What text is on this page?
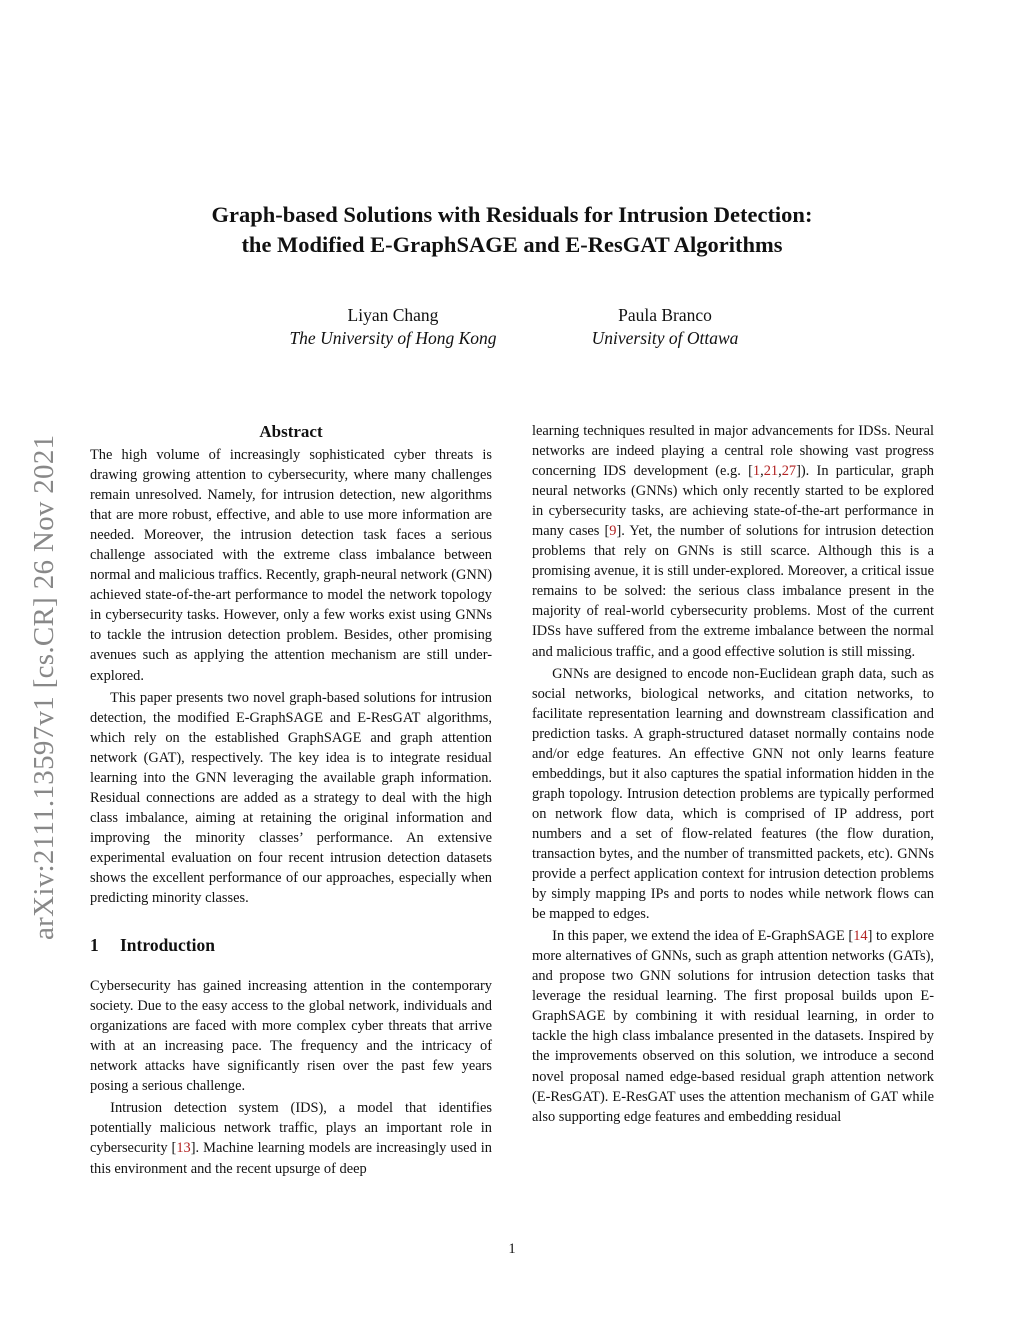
arXiv:2111.13597v1 [cs.CR] 26 Nov 2021
Graph-based Solutions with Residuals for Intrusion Detection:
the Modified E-GraphSAGE and E-ResGAT Algorithms
Liyan Chang
The University of Hong Kong
Paula Branco
University of Ottawa
Abstract

The high volume of increasingly sophisticated cyber threats is drawing growing attention to cybersecurity, where many challenges remain unresolved. Namely, for intrusion detection, new algorithms that are more robust, effective, and able to use more information are needed. Moreover, the intrusion detection task faces a serious challenge associated with the extreme class imbalance between normal and malicious traffics. Recently, graph-neural network (GNN) achieved state-of-the-art performance to model the network topology in cybersecurity tasks. However, only a few works exist using GNNs to tackle the intrusion detection problem. Besides, other promising avenues such as applying the attention mechanism are still under-explored.

This paper presents two novel graph-based solutions for intrusion detection, the modified E-GraphSAGE and E-ResGAT algorithms, which rely on the established GraphSAGE and graph attention network (GAT), respectively. The key idea is to integrate residual learning into the GNN leveraging the available graph information. Residual connections are added as a strategy to deal with the high class imbalance, aiming at retaining the original information and improving the minority classes’ performance. An extensive experimental evaluation on four recent intrusion detection datasets shows the excellent performance of our approaches, especially when predicting minority classes.

1 Introduction

Cybersecurity has gained increasing attention in the contemporary society. Due to the easy access to the global network, individuals and organizations are faced with more complex cyber threats that arrive with at an increasing pace. The frequency and the intricacy of network attacks have significantly risen over the past few years posing a serious challenge.

Intrusion detection system (IDS), a model that identifies potentially malicious network traffic, plays an important role in cybersecurity [13]. Machine learning models are increasingly used in this environment and the recent upsurge of deep

learning techniques resulted in major advancements for IDSs. Neural networks are indeed playing a central role showing vast progress concerning IDS development (e.g. [1,21,27]). In particular, graph neural networks (GNNs) which only recently started to be explored in cybersecurity tasks, are achieving state-of-the-art performance in many cases [9]. Yet, the number of solutions for intrusion detection problems that rely on GNNs is still scarce. Although this is a promising avenue, it is still under-explored. Moreover, a critical issue remains to be solved: the serious class imbalance present in the majority of real-world cybersecurity problems. Most of the current IDSs have suffered from the extreme imbalance between the normal and malicious traffic, and a good effective solution is still missing.

GNNs are designed to encode non-Euclidean graph data, such as social networks, biological networks, and citation networks, to facilitate representation learning and downstream classification and prediction tasks. A graph-structured dataset normally contains node and/or edge features. An effective GNN not only learns feature embeddings, but it also captures the spatial information hidden in the graph topology. Intrusion detection problems are typically performed on network flow data, which is comprised of IP address, port numbers and a set of flow-related features (the flow duration, transaction bytes, and the number of transmitted packets, etc). GNNs provide a perfect application context for intrusion detection problems by simply mapping IPs and ports to nodes while network flows can be mapped to edges.

In this paper, we extend the idea of E-GraphSAGE [14] to explore more alternatives of GNNs, such as graph attention networks (GATs), and propose two GNN solutions for intrusion detection tasks that leverage the residual learning. The first proposal builds upon E-GraphSAGE by combining it with residual learning, in order to tackle the high class imbalance presented in the datasets. Inspired by the improvements observed on this solution, we introduce a second novel proposal named edge-based residual graph attention network (E-ResGAT). E-ResGAT uses the attention mechanism of GAT while also supporting edge features and embedding residual

1
